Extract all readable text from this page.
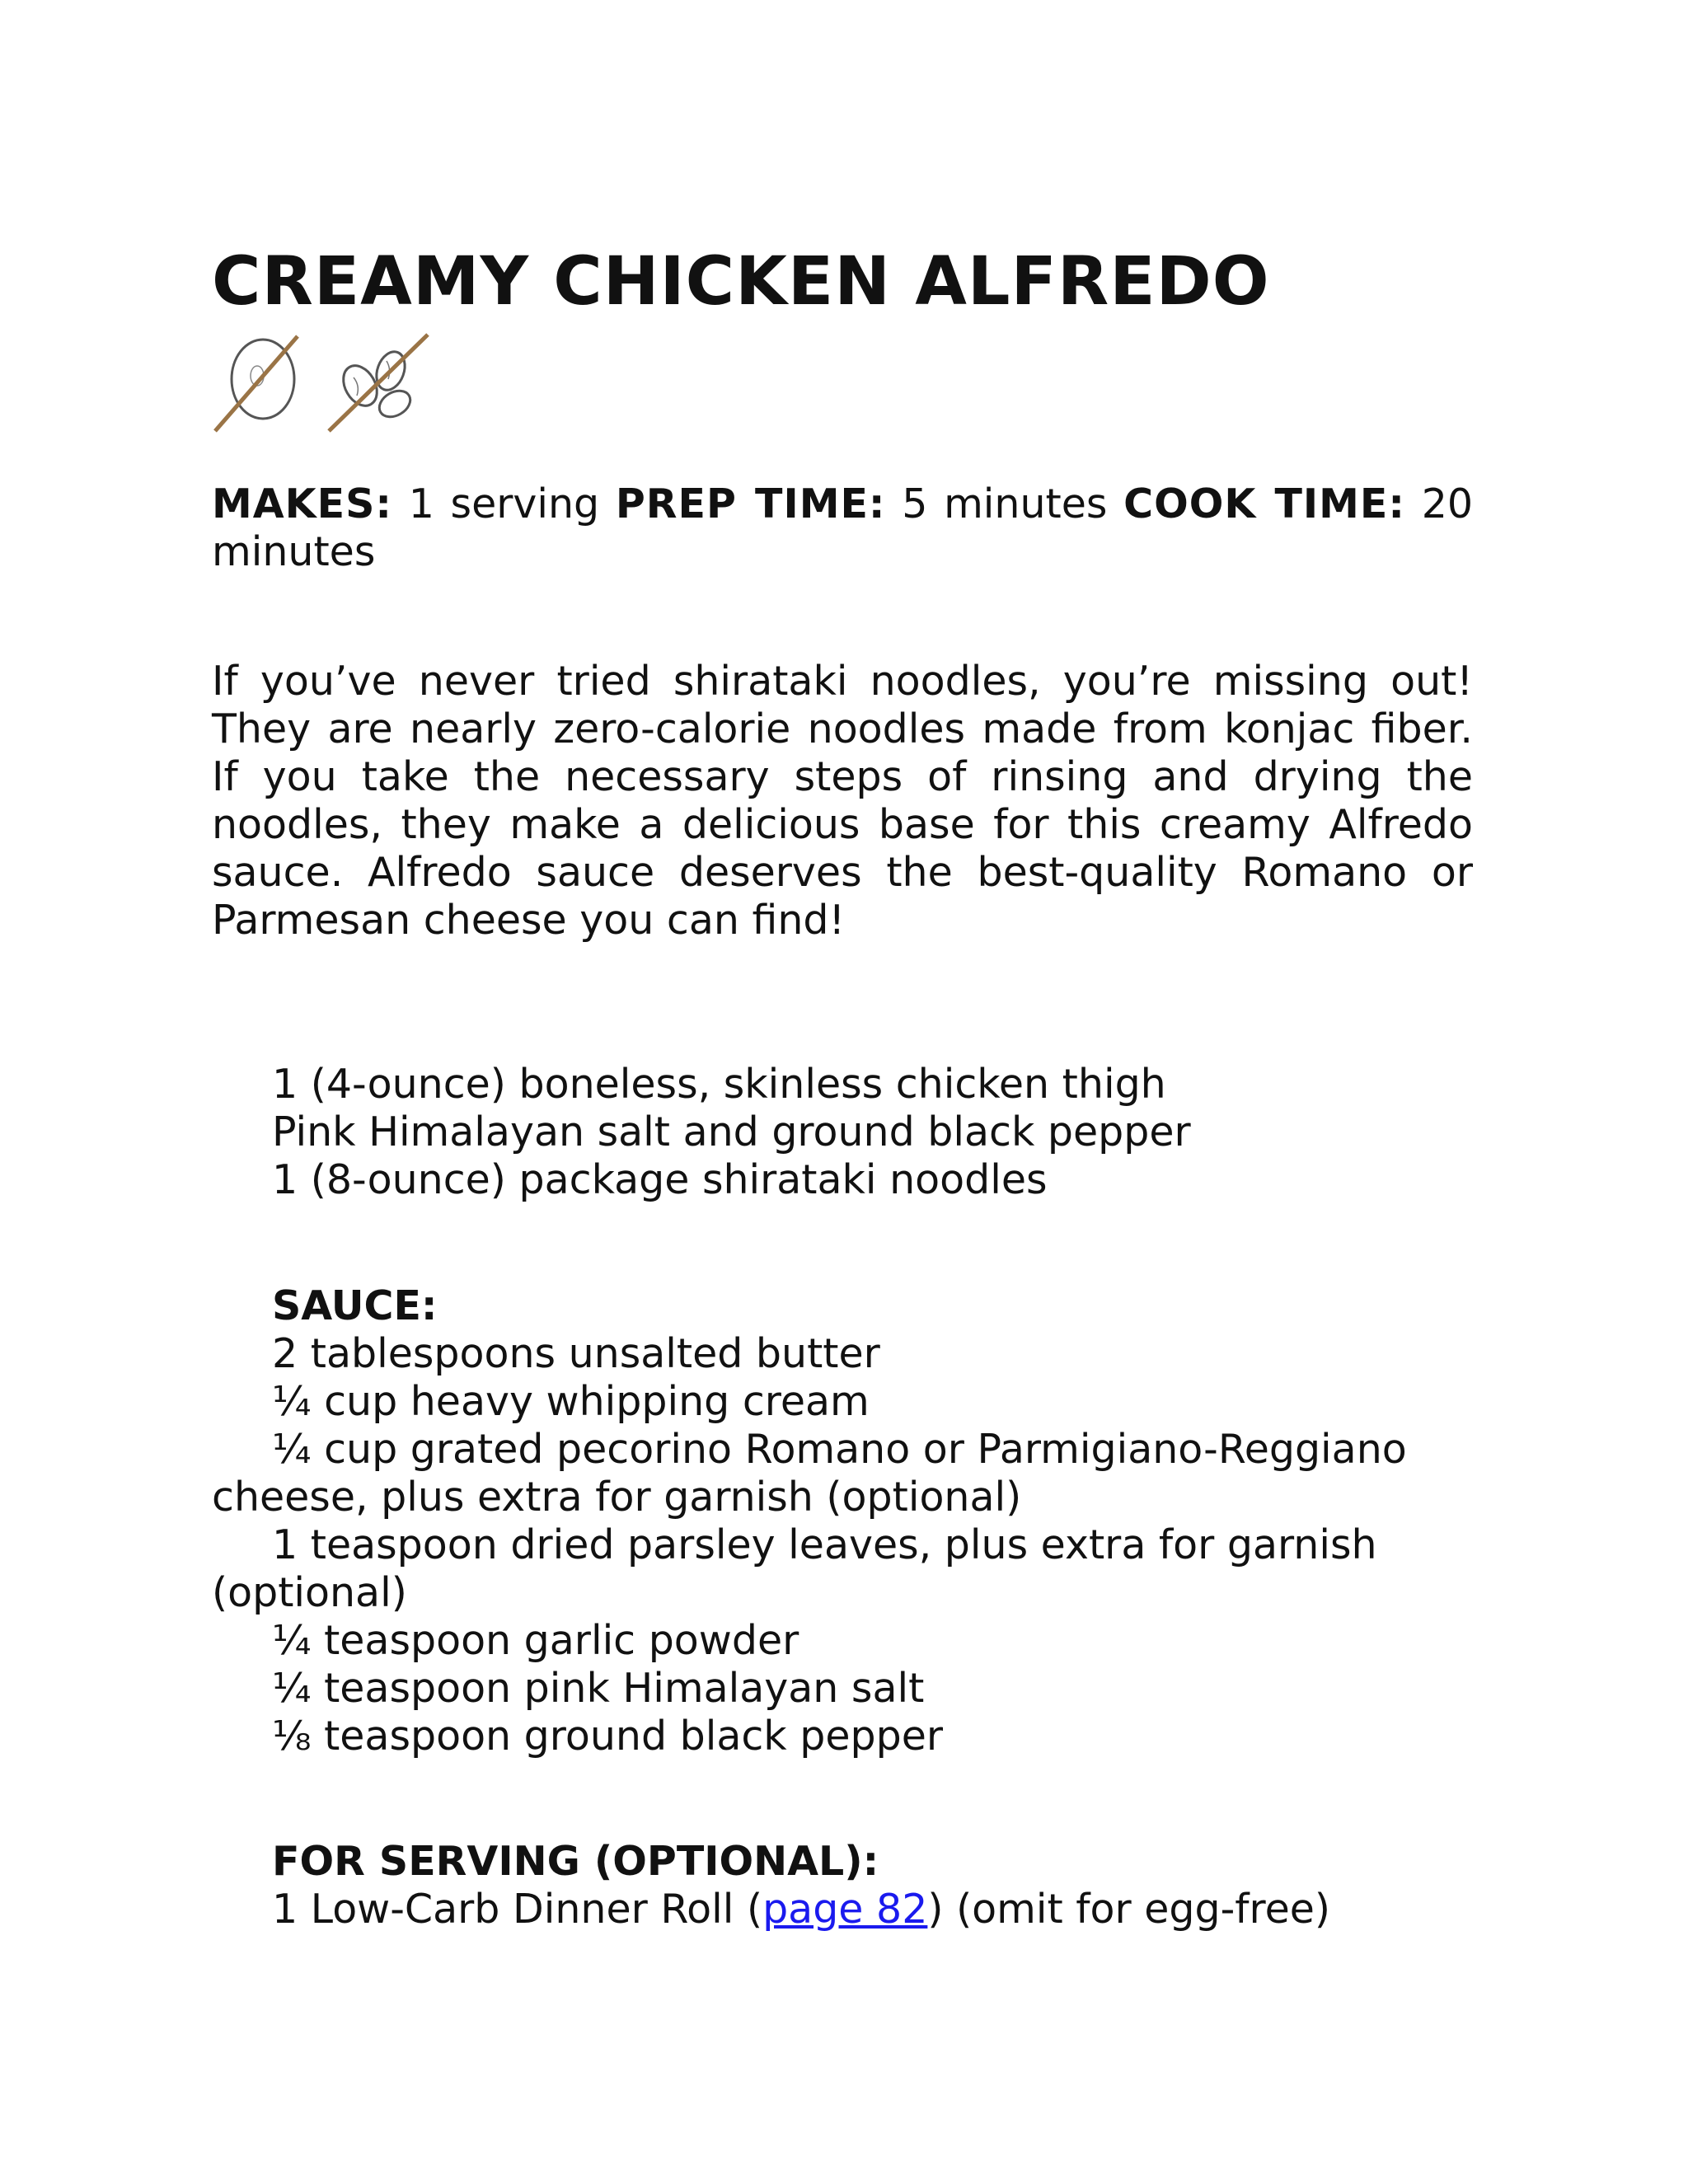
CREAMY CHICKEN ALFREDO
MAKES: 1 serving PREP TIME: 5 minutes COOK TIME: 20
minutes

If you’ve never tried shirataki noodles, you’re missing out! They are nearly zero-calorie noodles made from konjac fiber. If you take the necessary steps of rinsing and drying the noodles, they make a delicious base for this creamy Alfredo sauce. Alfredo sauce deserves the best-quality Romano or Parmesan cheese you can find!

1 (4-ounce) boneless, skinless chicken thigh

Pink Himalayan salt and ground black pepper

1 (8-ounce) package shirataki noodles

SAUCE:

2 tablespoons unsalted butter

¼ cup heavy whipping cream

¼ cup grated pecorino Romano or Parmigiano-Reggiano cheese, plus extra for garnish (optional)

1 teaspoon dried parsley leaves, plus extra for garnish (optional)

¼ teaspoon garlic powder

¼ teaspoon pink Himalayan salt

⅛ teaspoon ground black pepper

FOR SERVING (OPTIONAL):

1 Low-Carb Dinner Roll (page 82) (omit for egg-free)
